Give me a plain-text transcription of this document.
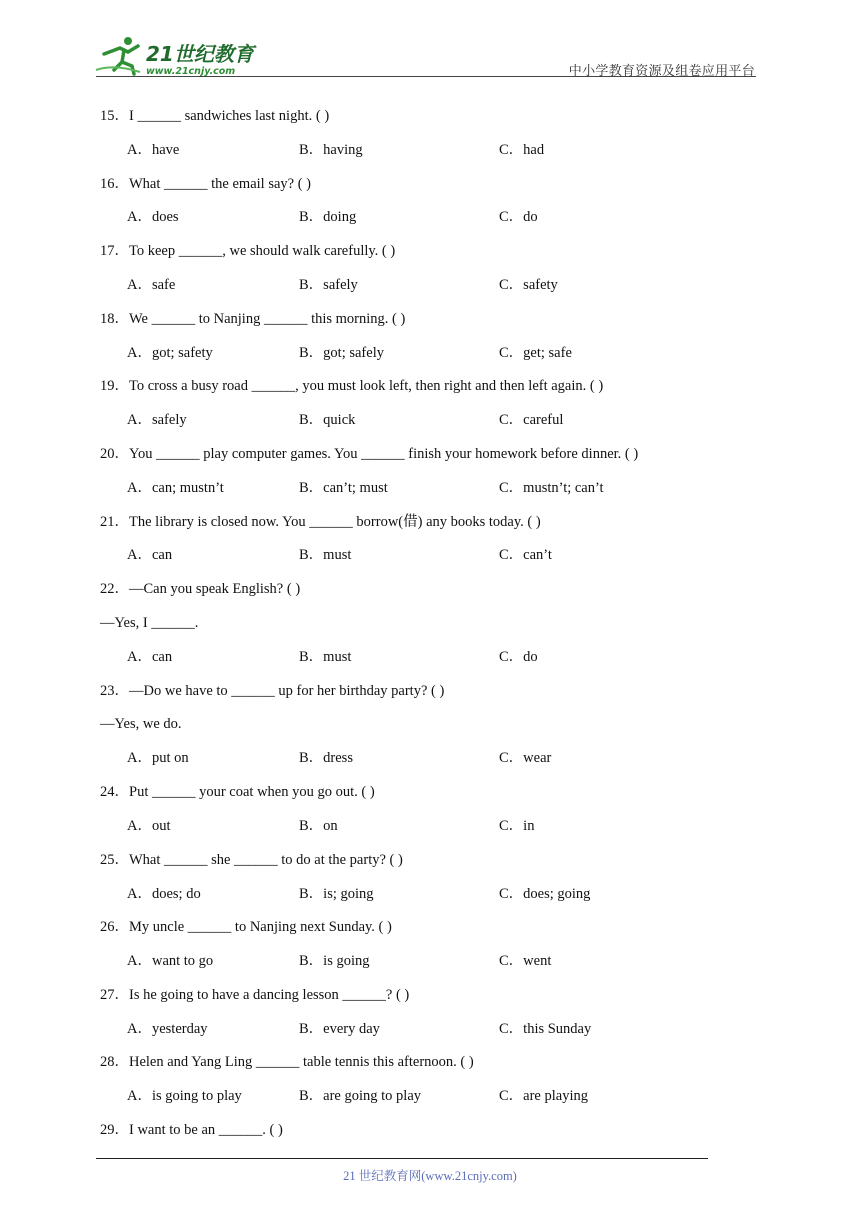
21世纪教育
www.21cnjy.com	中小学教育资源及组卷应用平台
15．I ______ sandwiches last night. ( )
A．have	B．having	C．had
16．What ______ the email say? ( )
A．does	B．doing	C．do
17．To keep ______, we should walk carefully. ( )
A．safe	B．safely	C．safety
18．We ______ to Nanjing ______ this morning. ( )
A．got; safety	B．got; safely	C．get; safe
19．To cross a busy road ______, you must look left, then right and then left again. ( )
A．safely	B．quick	C．careful
20．You ______ play computer games. You ______ finish your homework before dinner. ( )
A．can; mustn’t	B．can’t; must	C．mustn’t; can’t
21．The library is closed now. You ______ borrow(借) any books today. ( )
A．can	B．must	C．can’t
22．—Can you speak English? ( )
—Yes, I ______.
A．can	B．must	C．do
23．—Do we have to ______ up for her birthday party? ( )
—Yes, we do.
A．put on	B．dress	C．wear
24．Put ______ your coat when you go out. ( )
A．out	B．on	C．in
25．What ______ she ______ to do at the party? ( )
A．does; do	B．is; going	C．does; going
26．My uncle ______ to Nanjing next Sunday. ( )
A．want to go	B．is going	C．went
27．Is he going to have a dancing lesson ______? ( )
A．yesterday	B．every day	C．this Sunday
28．Helen and Yang Ling ______ table tennis this afternoon. ( )
A．is going to play	B．are going to play	C．are playing
29．I want to be an ______. ( )
21 世纪教育网(www.21cnjy.com)
